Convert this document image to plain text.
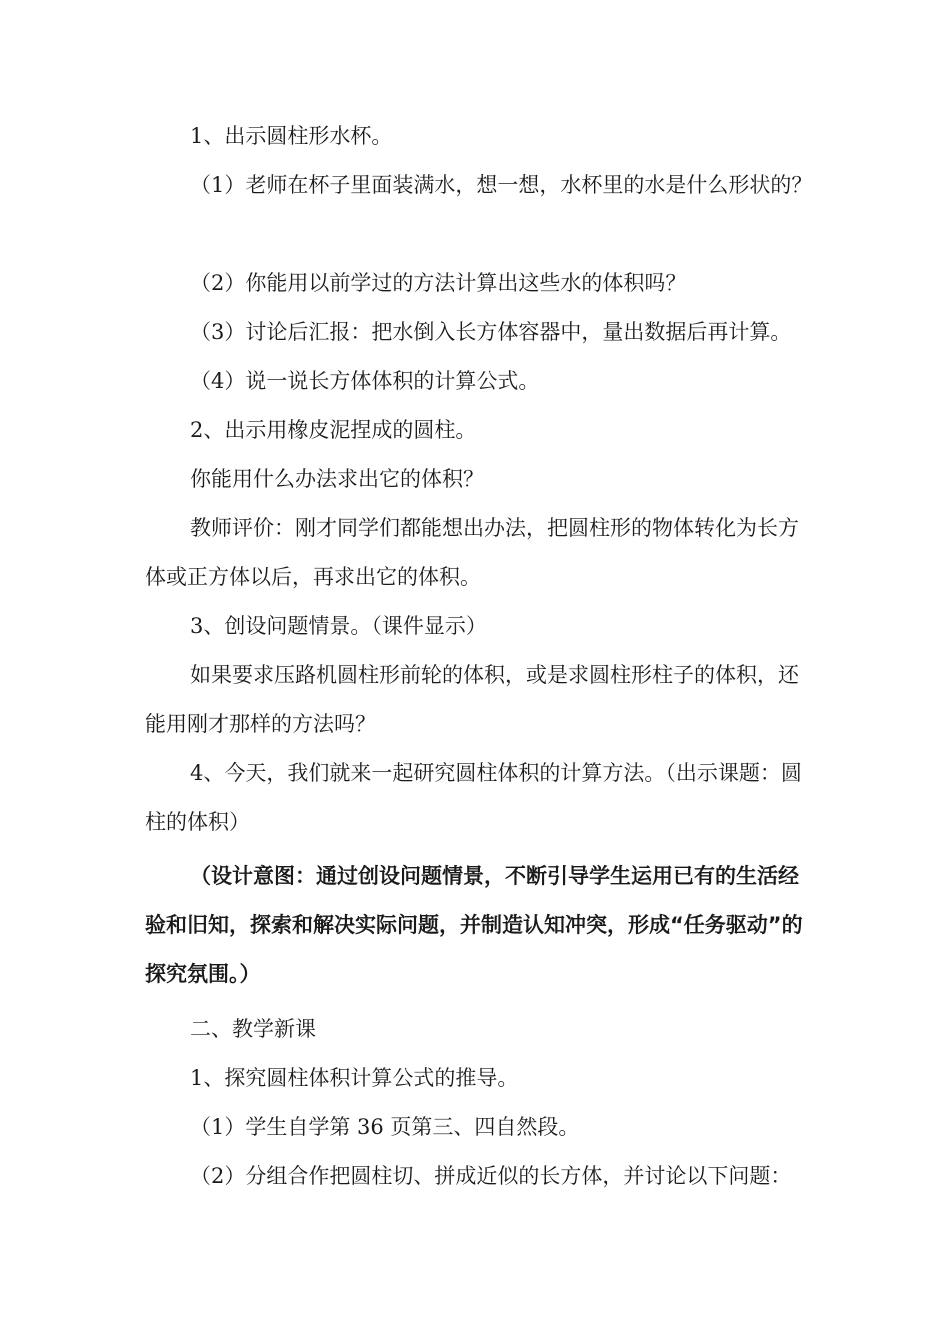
1、出示圆柱形水杯。

（1）老师在杯子里面装满水，想一想，水杯里的水是什么形状的？

（2）你能用以前学过的方法计算出这些水的体积吗？

（3）讨论后汇报：把水倒入长方体容器中，量出数据后再计算。

（4）说一说长方体体积的计算公式。

2、出示用橡皮泥捏成的圆柱。

你能用什么办法求出它的体积？

教师评价：刚才同学们都能想出办法，把圆柱形的物体转化为长方体或正方体以后，再求出它的体积。

3、创设问题情景。（课件显示）

如果要求压路机圆柱形前轮的体积，或是求圆柱形柱子的体积，还能用刚才那样的方法吗？

4、今天，我们就来一起研究圆柱体积的计算方法。（出示课题：圆柱的体积）

（设计意图：通过创设问题情景，不断引导学生运用已有的生活经验和旧知，探索和解决实际问题，并制造认知冲突，形成“任务驱动”的探究氛围。）

二、教学新课

1、探究圆柱体积计算公式的推导。

（1）学生自学第 36 页第三、四自然段。

（2）分组合作把圆柱切、拼成近似的长方体，并讨论以下问题：
